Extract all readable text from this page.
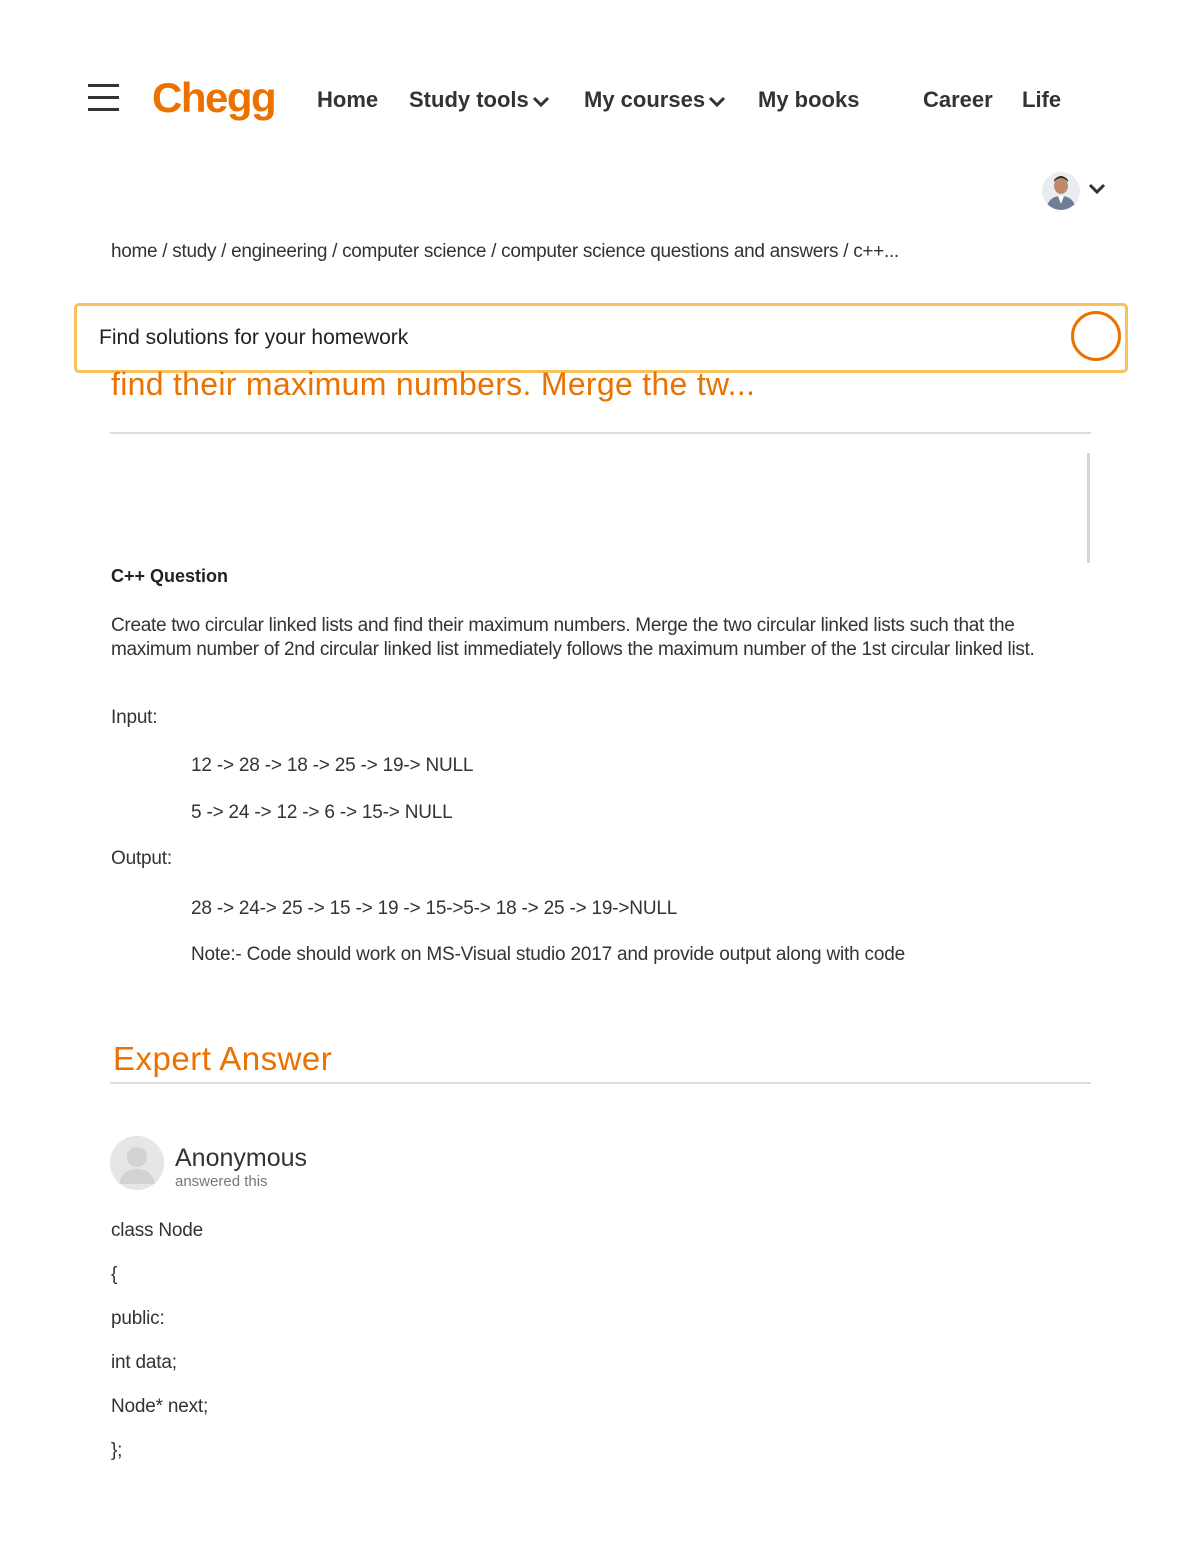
Chegg Home Study tools	My courses	My books	Career Life
home / study / engineering / computer science / computer science questions and answers / c++...
Find solutions for your homework
find their maximum numbers. Merge the tw...
C++ Question
Create two circular linked lists and find their maximum numbers. Merge the two circular linked lists such that the maximum number of 2nd circular linked list immediately follows the maximum number of the 1st circular linked list.
Input:
12 -> 28 -> 18 -> 25 -> 19-> NULL
5 -> 24 -> 12 -> 6 -> 15-> NULL
Output:
28 -> 24-> 25 -> 15 -> 19 -> 15->5-> 18 -> 25 -> 19->NULL
Note:- Code should work on MS-Visual studio 2017 and provide output along with code
Expert Answer
Anonymous
answered this
class Node
{
public:
int data;
Node* next;
};
